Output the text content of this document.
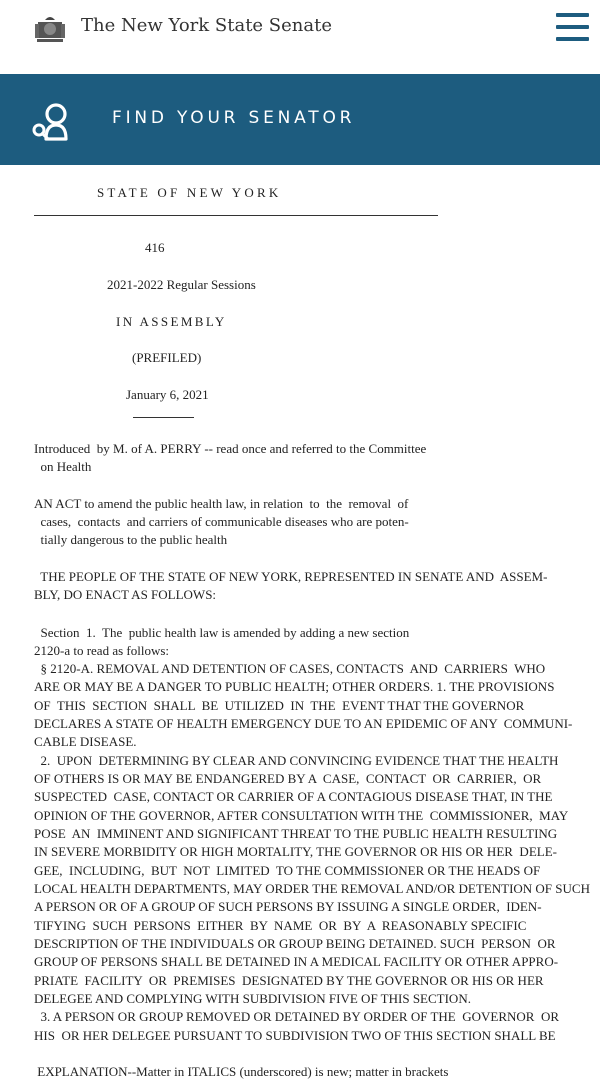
The New York State Senate
FIND YOUR SENATOR
STATE OF NEW YORK
416
2021-2022 Regular Sessions
IN ASSEMBLY
(PREFILED)
January 6, 2021
Introduced  by M. of A. PERRY -- read once and referred to the Committee
on Health
AN ACT to amend the public health law, in relation  to  the  removal  of
cases,  contacts  and carriers of communicable diseases who are poten-
tially dangerous to the public health
THE PEOPLE OF THE STATE OF NEW YORK, REPRESENTED IN SENATE AND  ASSEM-
BLY, DO ENACT AS FOLLOWS:
Section  1.  The  public health law is amended by adding a new section
2120-a to read as follows:
§ 2120-A. REMOVAL AND DETENTION OF CASES, CONTACTS  AND  CARRIERS  WHO
ARE OR MAY BE A DANGER TO PUBLIC HEALTH; OTHER ORDERS. 1. THE PROVISIONS
OF  THIS  SECTION  SHALL  BE  UTILIZED  IN  THE  EVENT THAT THE GOVERNOR
DECLARES A STATE OF HEALTH EMERGENCY DUE TO AN EPIDEMIC OF ANY  COMMUNI-
CABLE DISEASE.
2.  UPON  DETERMINING BY CLEAR AND CONVINCING EVIDENCE THAT THE HEALTH
OF OTHERS IS OR MAY BE ENDANGERED BY A  CASE,  CONTACT  OR  CARRIER,  OR
SUSPECTED  CASE, CONTACT OR CARRIER OF A CONTAGIOUS DISEASE THAT, IN THE
OPINION OF THE GOVERNOR, AFTER CONSULTATION WITH THE  COMMISSIONER,  MAY
POSE  AN  IMMINENT AND SIGNIFICANT THREAT TO THE PUBLIC HEALTH RESULTING
IN SEVERE MORBIDITY OR HIGH MORTALITY, THE GOVERNOR OR HIS OR HER  DELE-
GEE,  INCLUDING,  BUT  NOT  LIMITED  TO THE COMMISSIONER OR THE HEADS OF
LOCAL HEALTH DEPARTMENTS, MAY ORDER THE REMOVAL AND/OR DETENTION OF SUCH
A PERSON OR OF A GROUP OF SUCH PERSONS BY ISSUING A SINGLE ORDER,  IDEN-
TIFYING  SUCH  PERSONS  EITHER  BY  NAME  OR  BY  A  REASONABLY SPECIFIC
DESCRIPTION OF THE INDIVIDUALS OR GROUP BEING DETAINED. SUCH  PERSON  OR
GROUP OF PERSONS SHALL BE DETAINED IN A MEDICAL FACILITY OR OTHER APPRO-
PRIATE  FACILITY  OR  PREMISES  DESIGNATED BY THE GOVERNOR OR HIS OR HER
DELEGEE AND COMPLYING WITH SUBDIVISION FIVE OF THIS SECTION.
3. A PERSON OR GROUP REMOVED OR DETAINED BY ORDER OF THE  GOVERNOR  OR
HIS  OR HER DELEGEE PURSUANT TO SUBDIVISION TWO OF THIS SECTION SHALL BE
EXPLANATION--Matter in ITALICS (underscored) is new; matter in brackets
